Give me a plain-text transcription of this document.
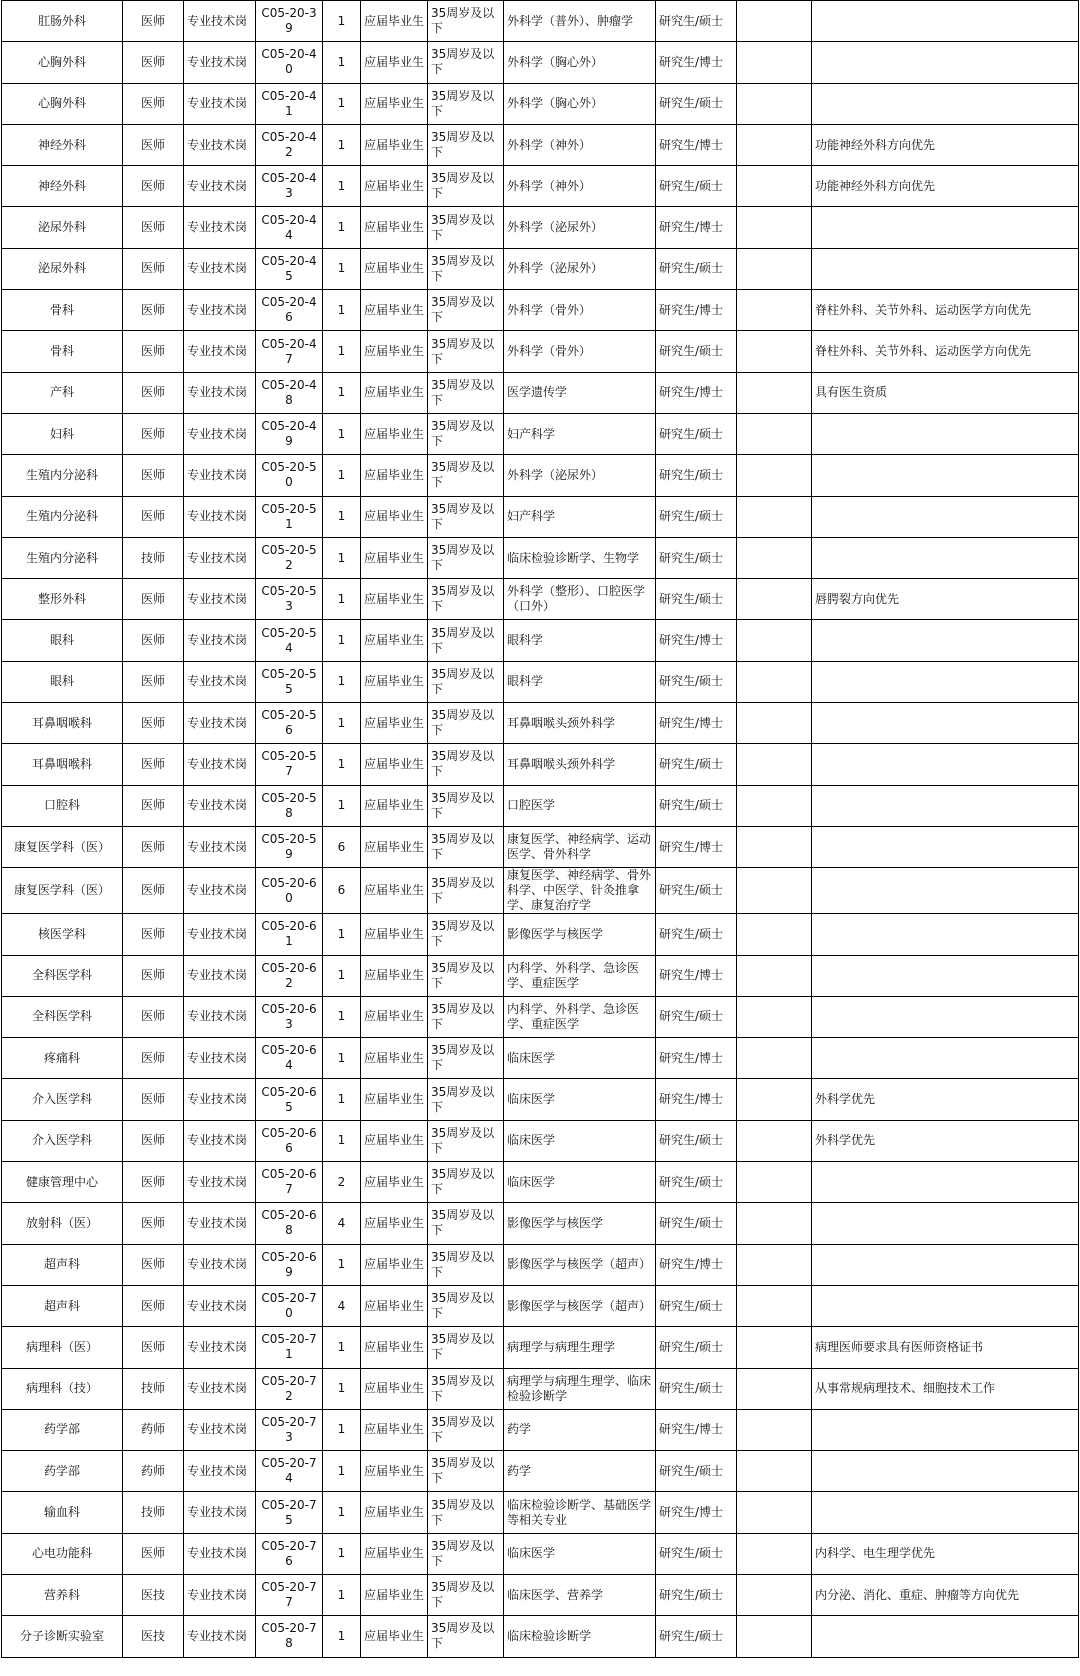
肛肠外科	医师	专业技术岗	C05-20-39	1	应届毕业生	35周岁及以下	外科学（普外）、肿瘤学	研究生/硕士		
心胸外科	医师	专业技术岗	C05-20-40	1	应届毕业生	35周岁及以下	外科学（胸心外）	研究生/博士		
心胸外科	医师	专业技术岗	C05-20-41	1	应届毕业生	35周岁及以下	外科学（胸心外）	研究生/硕士		
神经外科	医师	专业技术岗	C05-20-42	1	应届毕业生	35周岁及以下	外科学（神外）	研究生/博士		功能神经外科方向优先
神经外科	医师	专业技术岗	C05-20-43	1	应届毕业生	35周岁及以下	外科学（神外）	研究生/硕士		功能神经外科方向优先
泌尿外科	医师	专业技术岗	C05-20-44	1	应届毕业生	35周岁及以下	外科学（泌尿外）	研究生/博士		
泌尿外科	医师	专业技术岗	C05-20-45	1	应届毕业生	35周岁及以下	外科学（泌尿外）	研究生/硕士		
骨科	医师	专业技术岗	C05-20-46	1	应届毕业生	35周岁及以下	外科学（骨外）	研究生/博士		脊柱外科、关节外科、运动医学方向优先
骨科	医师	专业技术岗	C05-20-47	1	应届毕业生	35周岁及以下	外科学（骨外）	研究生/硕士		脊柱外科、关节外科、运动医学方向优先
产科	医师	专业技术岗	C05-20-48	1	应届毕业生	35周岁及以下	医学遗传学	研究生/博士		具有医生资质
妇科	医师	专业技术岗	C05-20-49	1	应届毕业生	35周岁及以下	妇产科学	研究生/硕士		
生殖内分泌科	医师	专业技术岗	C05-20-50	1	应届毕业生	35周岁及以下	外科学（泌尿外）	研究生/硕士		
生殖内分泌科	医师	专业技术岗	C05-20-51	1	应届毕业生	35周岁及以下	妇产科学	研究生/硕士		
生殖内分泌科	技师	专业技术岗	C05-20-52	1	应届毕业生	35周岁及以下	临床检验诊断学、生物学	研究生/硕士		
整形外科	医师	专业技术岗	C05-20-53	1	应届毕业生	35周岁及以下	外科学（整形）、口腔医学（口外）	研究生/硕士		唇腭裂方向优先
眼科	医师	专业技术岗	C05-20-54	1	应届毕业生	35周岁及以下	眼科学	研究生/博士		
眼科	医师	专业技术岗	C05-20-55	1	应届毕业生	35周岁及以下	眼科学	研究生/硕士		
耳鼻咽喉科	医师	专业技术岗	C05-20-56	1	应届毕业生	35周岁及以下	耳鼻咽喉头颈外科学	研究生/博士		
耳鼻咽喉科	医师	专业技术岗	C05-20-57	1	应届毕业生	35周岁及以下	耳鼻咽喉头颈外科学	研究生/硕士		
口腔科	医师	专业技术岗	C05-20-58	1	应届毕业生	35周岁及以下	口腔医学	研究生/硕士		
康复医学科（医）	医师	专业技术岗	C05-20-59	6	应届毕业生	35周岁及以下	康复医学、神经病学、运动医学、骨外科学	研究生/博士		
康复医学科（医）	医师	专业技术岗	C05-20-60	6	应届毕业生	35周岁及以下	康复医学、神经病学、骨外科学、中医学、针灸推拿学、康复治疗学	研究生/硕士		
核医学科	医师	专业技术岗	C05-20-61	1	应届毕业生	35周岁及以下	影像医学与核医学	研究生/硕士		
全科医学科	医师	专业技术岗	C05-20-62	1	应届毕业生	35周岁及以下	内科学、外科学、急诊医学、重症医学	研究生/博士		
全科医学科	医师	专业技术岗	C05-20-63	1	应届毕业生	35周岁及以下	内科学、外科学、急诊医学、重症医学	研究生/硕士		
疼痛科	医师	专业技术岗	C05-20-64	1	应届毕业生	35周岁及以下	临床医学	研究生/博士		
介入医学科	医师	专业技术岗	C05-20-65	1	应届毕业生	35周岁及以下	临床医学	研究生/博士		外科学优先
介入医学科	医师	专业技术岗	C05-20-66	1	应届毕业生	35周岁及以下	临床医学	研究生/硕士		外科学优先
健康管理中心	医师	专业技术岗	C05-20-67	2	应届毕业生	35周岁及以下	临床医学	研究生/硕士		
放射科（医）	医师	专业技术岗	C05-20-68	4	应届毕业生	35周岁及以下	影像医学与核医学	研究生/硕士		
超声科	医师	专业技术岗	C05-20-69	1	应届毕业生	35周岁及以下	影像医学与核医学（超声）	研究生/博士		
超声科	医师	专业技术岗	C05-20-70	4	应届毕业生	35周岁及以下	影像医学与核医学（超声）	研究生/硕士		
病理科（医）	医师	专业技术岗	C05-20-71	1	应届毕业生	35周岁及以下	病理学与病理生理学	研究生/硕士		病理医师要求具有医师资格证书
病理科（技）	技师	专业技术岗	C05-20-72	1	应届毕业生	35周岁及以下	病理学与病理生理学、临床检验诊断学	研究生/硕士		从事常规病理技术、细胞技术工作
药学部	药师	专业技术岗	C05-20-73	1	应届毕业生	35周岁及以下	药学	研究生/博士		
药学部	药师	专业技术岗	C05-20-74	1	应届毕业生	35周岁及以下	药学	研究生/硕士		
输血科	技师	专业技术岗	C05-20-75	1	应届毕业生	35周岁及以下	临床检验诊断学、基础医学等相关专业	研究生/博士		
心电功能科	医师	专业技术岗	C05-20-76	1	应届毕业生	35周岁及以下	临床医学	研究生/硕士		内科学、电生理学优先
营养科	医技	专业技术岗	C05-20-77	1	应届毕业生	35周岁及以下	临床医学、营养学	研究生/硕士		内分泌、消化、重症、肿瘤等方向优先
分子诊断实验室	医技	专业技术岗	C05-20-78	1	应届毕业生	35周岁及以下	临床检验诊断学	研究生/硕士		
